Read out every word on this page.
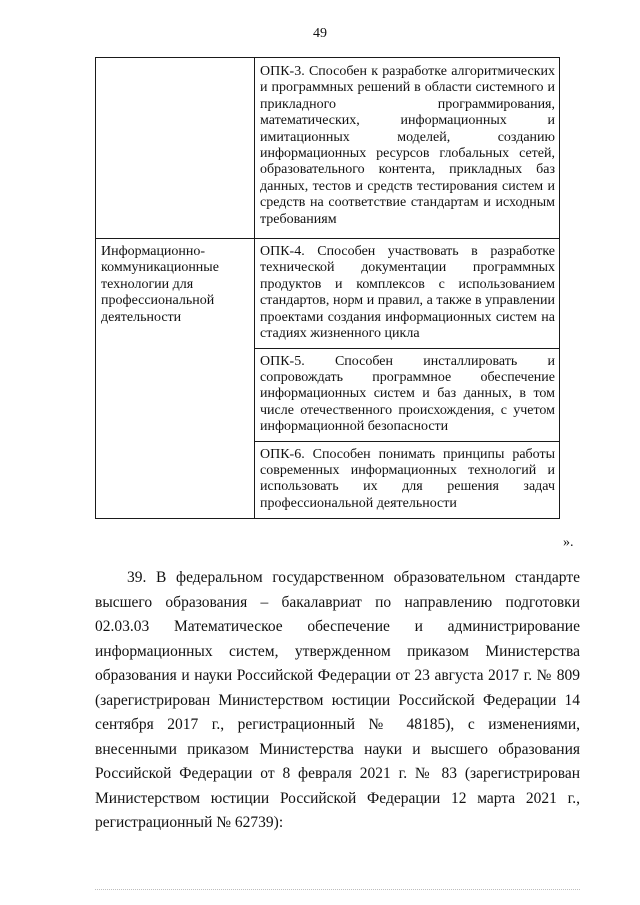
49
	ОПК-3. Способен к разработке алгоритмических и программных решений в области системного и прикладного программирования, математических, информационных и имитационных моделей, созданию информационных ресурсов глобальных сетей, образовательного контента, прикладных баз данных, тестов и средств тестирования систем и средств на соответствие стандартам и исходным требованиям
Информационно-коммуникационные технологии для профессиональной деятельности	ОПК-4. Способен участвовать в разработке технической документации программных продуктов и комплексов с использованием стандартов, норм и правил, а также в управлении проектами создания информационных систем на стадиях жизненного цикла
	ОПК-5. Способен инсталлировать и сопровождать программное обеспечение информационных систем и баз данных, в том числе отечественного происхождения, с учетом информационной безопасности
	ОПК-6. Способен понимать принципы работы современных информационных технологий и использовать их для решения задач профессиональной деятельности
».

39. В федеральном государственном образовательном стандарте высшего образования – бакалавриат по направлению подготовки 02.03.03 Математическое обеспечение и администрирование информационных систем, утвержденном приказом Министерства образования и науки Российской Федерации от 23 августа 2017 г. № 809 (зарегистрирован Министерством юстиции Российской Федерации 14 сентября 2017 г., регистрационный № 48185), с изменениями, внесенными приказом Министерства науки и высшего образования Российской Федерации от 8 февраля 2021 г. № 83 (зарегистрирован Министерством юстиции Российской Федерации 12 марта 2021 г., регистрационный № 62739):
